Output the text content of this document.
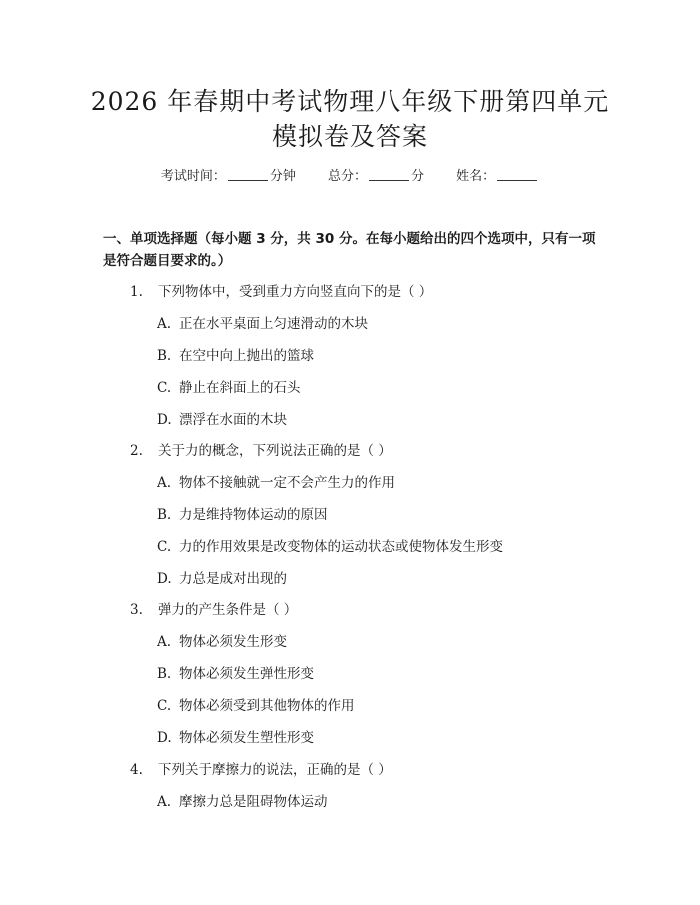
2026 年春期中考试物理八年级下册第四单元
模拟卷及答案
考试时间：	分钟 总分：	分 姓名：
一、单项选择题（每小题 3 分，共 30 分。在每小题给出的四个选项中，只有一项是符合题目要求的。）
1. 下列物体中，受到重力方向竖直向下的是（ ）
A. 正在水平桌面上匀速滑动的木块
B. 在空中向上抛出的篮球
C. 静止在斜面上的石头
D. 漂浮在水面的木块
2. 关于力的概念，下列说法正确的是（ ）
A. 物体不接触就一定不会产生力的作用
B. 力是维持物体运动的原因
C. 力的作用效果是改变物体的运动状态或使物体发生形变
D. 力总是成对出现的
3. 弹力的产生条件是（ ）
A. 物体必须发生形变
B. 物体必须发生弹性形变
C. 物体必须受到其他物体的作用
D. 物体必须发生塑性形变
4. 下列关于摩擦力的说法，正确的是（ ）
A. 摩擦力总是阻碍物体运动
